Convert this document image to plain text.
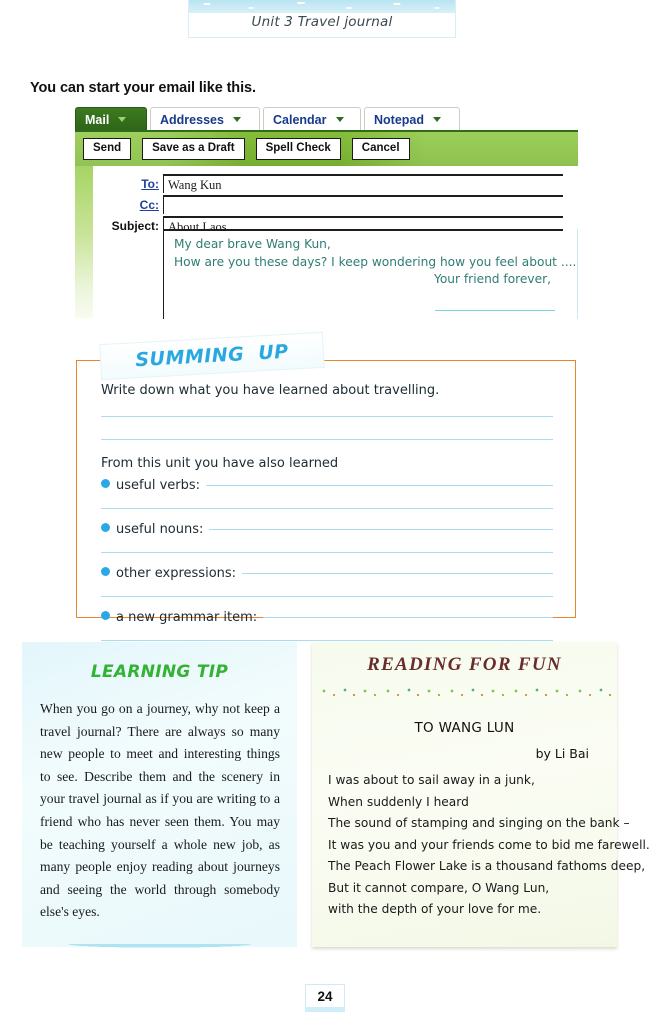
Unit 3 Travel journal
You can start your email like this.
Mail	Addresses	Calendar	Notepad
Send	Save as a Draft	Spell Check	Cancel
To: Wang Kun
Cc:
Subject: About Laos
My dear brave Wang Kun,
How are you these days? I keep wondering how you feel about ....
Your friend forever,
Write down what you have learned about travelling.
From this unit you have also learned
useful verbs:
useful nouns:
other expressions:
a new grammar item:
SUMMING UP
LEARNING TIP
When you go on a journey, why not keep a travel journal? There are always so many new people to meet and interesting things to see. Describe them and the scenery in your travel journal as if you are writing to a friend who has never seen them. You may be teaching yourself a whole new job, as many people enjoy reading about journeys and seeing the world through somebody else's eyes.
READING FOR FUN
TO WANG LUN
by Li Bai
I was about to sail away in a junk,
When suddenly I heard
The sound of stamping and singing on the bank –
It was you and your friends come to bid me farewell.
The Peach Flower Lake is a thousand fathoms deep,
But it cannot compare, O Wang Lun,
with the depth of your love for me.
24
